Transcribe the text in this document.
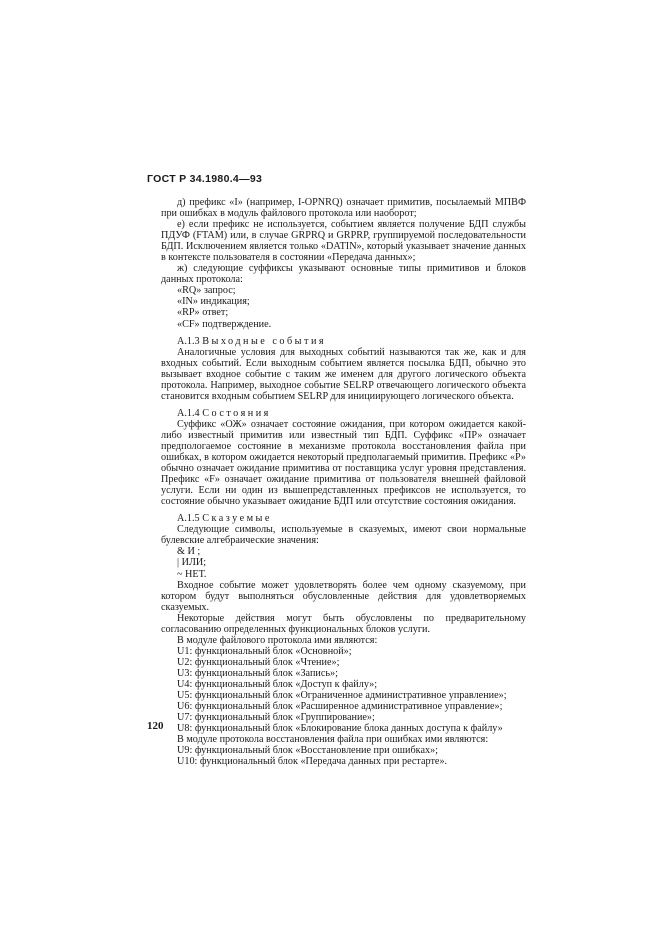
ГОСТ Р 34.1980.4—93

д) префикс «I» (например, I-OPNRQ) означает примитив, посылаемый МПВФ при ошибках в модуль файлового протокола или наоборот;

е) если префикс не используется, событием является получение БДП службы ПДУФ (FTAM) или, в случае GRPRQ и GRPRP, группируемой последовательности БДП. Исключением является только «DATIN», который указывает значение данных в контексте пользователя в состоянии «Передача данных»;

ж) следующие суффиксы указывают основные типы примитивов и блоков данных протокола:

«RQ» запрос;

«IN» индикация;

«RP» ответ;

«CF» подтверждение.

А.1.3 Выходные события

Аналогичные условия для выходных событий называются так же, как и для входных событий. Если выходным событием является посылка БДП, обычно это вызывает входное событие с таким же именем для другого логического объекта протокола. Например, выходное событие SELRP отвечающего логического объекта становится входным событием SELRP для инициирующего логического объекта.

А.1.4 Состояния

Суффикс «ОЖ» означает состояние ожидания, при котором ожидается какой-либо известный примитив или известный тип БДП. Суффикс «ПР» означает предпологаемое состояние в механизме протокола восстановления файла при ошибках, в котором ожидается некоторый предполагаемый примитив. Префикс «Р» обычно означает ожидание примитива от поставщика услуг уровня представления. Префикс «F» означает ожидание примитива от пользователя внешней файловой услуги. Если ни один из вышепредставленных префиксов не используется, то состояние обычно указывает ожидание БДП или отсутствие состояния ожидания.

А.1.5 Сказуемые

Следующие символы, используемые в сказуемых, имеют свои нормальные булевские алгебраические значения:

& И ;

| ИЛИ;

~ НЕТ.

Входное событие может удовлетворять более чем одному сказуемому, при котором будут выполняться обусловленные действия для удовлетворяемых сказуемых.

Некоторые действия могут быть обусловлены по предварительному согласованию определенных функциональных блоков услуги.

В модуле файлового протокола ими являются:

U1: функциональный блок «Основной»;

U2: функциональный блок «Чтение»;

U3: функциональный блок «Запись»;

U4: функциональный блок «Доступ к файлу»;

U5: функциональный блок «Ограниченное административное управление»;

U6: функциональный блок «Расширенное административное управление»;

U7: функциональный блок «Группирование»;

U8: функциональный блок «Блокирование блока данных доступа к файлу»

В модуле протокола восстановления файла при ошибках ими являются:

U9: функциональный блок «Восстановление при ошибках»;

U10: функциональный блок «Передача данных при рестарте».

120
